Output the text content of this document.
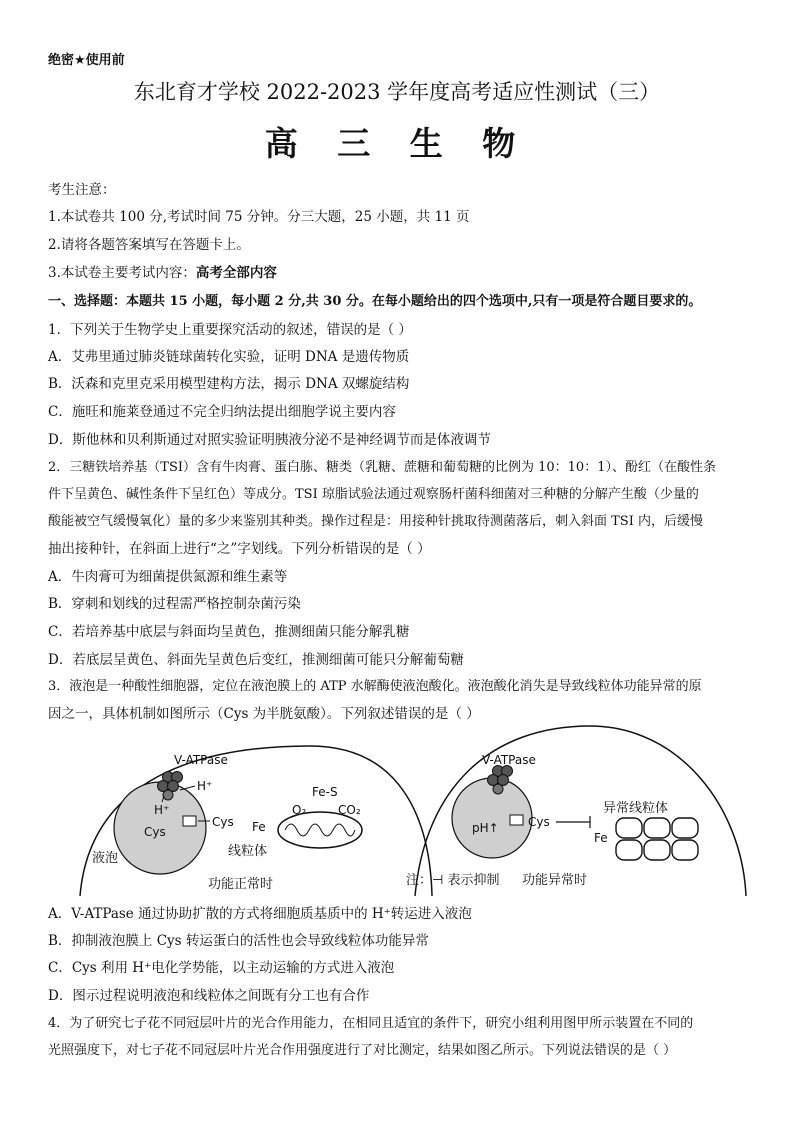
绝密★使用前
东北育才学校 2022-2023 学年度高考适应性测试（三）
高 三 生 物
考生注意：
1.本试卷共 100 分,考试时间 75 分钟。分三大题，25 小题，共 11 页
2.请将各题答案填写在答题卡上。
3.本试卷主要考试内容：高考全部内容
一、选择题：本题共 15 小题，每小题 2 分,共 30 分。在每小题给出的四个选项中,只有一项是符合题目要求的。
1．下列关于生物学史上重要探究活动的叙述，错误的是（ ）
A．艾弗里通过肺炎链球菌转化实验，证明 DNA 是遗传物质
B．沃森和克里克采用模型建构方法，揭示 DNA 双螺旋结构
C．施旺和施莱登通过不完全归纳法提出细胞学说主要内容
D．斯他林和贝利斯通过对照实验证明胰液分泌不是神经调节而是体液调节
2．三糖铁培养基（TSI）含有牛肉膏、蛋白胨、糖类（乳糖、蔗糖和葡萄糖的比例为 10：10：1）、酚红（在酸性条
件下呈黄色、碱性条件下呈红色）等成分。TSI 琼脂试验法通过观察肠杆菌科细菌对三种糖的分解产生酸（少量的
酸能被空气缓慢氧化）量的多少来鉴别其种类。操作过程是：用接种针挑取待测菌落后，刺入斜面 TSI 内，后缓慢
抽出接种针，在斜面上进行“之”字划线。下列分析错误的是（ ）
A．牛肉膏可为细菌提供氮源和维生素等
B．穿刺和划线的过程需严格控制杂菌污染
C．若培养基中底层与斜面均呈黄色，推测细菌只能分解乳糖
D．若底层呈黄色、斜面先呈黄色后变红，推测细菌可能只分解葡萄糖
3．液泡是一种酸性细胞器，定位在液泡膜上的 ATP 水解酶使液泡酸化。液泡酸化消失是导致线粒体功能异常的原
因之一，具体机制如图所示（Cys 为半胱氨酸）。下列叙述错误的是（ ）
V-ATPase
H⁺
H⁺
Cys
Cys Fe
Fe-S
O₂	CO₂
液泡	线粒体
功能正常时
V-ATPase
pH↑ Cys
Fe
异常线粒体
注：⊣ 表示抑制 功能异常时
A．V-ATPase 通过协助扩散的方式将细胞质基质中的 H⁺转运进入液泡
B．抑制液泡膜上 Cys 转运蛋白的活性也会导致线粒体功能异常
C．Cys 利用 H⁺电化学势能，以主动运输的方式进入液泡
D．图示过程说明液泡和线粒体之间既有分工也有合作
4．为了研究七子花不同冠层叶片的光合作用能力，在相同且适宜的条件下，研究小组利用图甲所示装置在不同的
光照强度下，对七子花不同冠层叶片光合作用强度进行了对比测定，结果如图乙所示。下列说法错误的是（ ）
